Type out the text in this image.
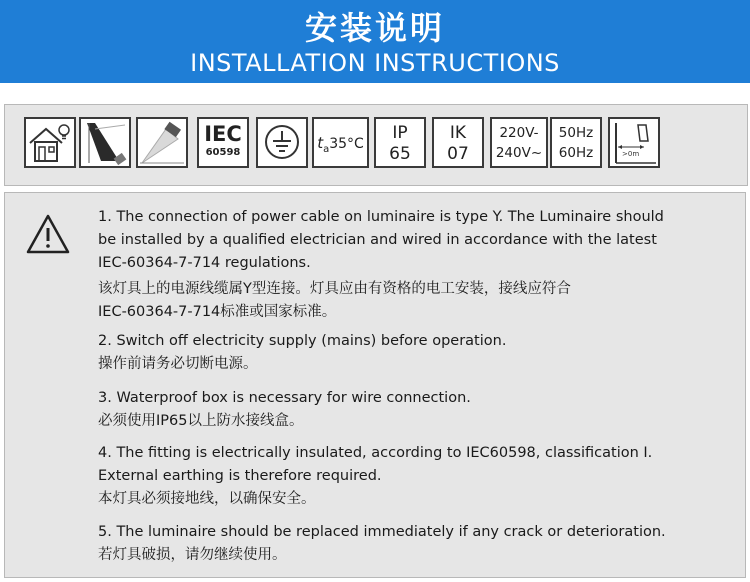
安装说明
INSTALLATION INSTRUCTIONS
IEC
60598
$t_a35^\circ C$
IP
65
IK
07
220V-
240V~
50Hz
60Hz	>0m
1. The connection of power cable on luminaire is type Y. The Luminaire should
be installed by a qualified electrician and wired in accordance with the latest
IEC-60364-7-714 regulations.
该灯具上的电源线缆属Y型连接。灯具应由有资格的电工安装，接线应符合
IEC-60364-7-714标准或国家标准。
2. Switch off electricity supply (mains) before operation.
操作前请务必切断电源。
3. Waterproof box is necessary for wire connection.
必须使用IP65以上防水接线盒。
4. The fitting is electrically insulated, according to IEC60598, classification I.
External earthing is therefore required.
本灯具必须接地线，以确保安全。
5. The luminaire should be replaced immediately if any crack or deterioration.
若灯具破损，请勿继续使用。
